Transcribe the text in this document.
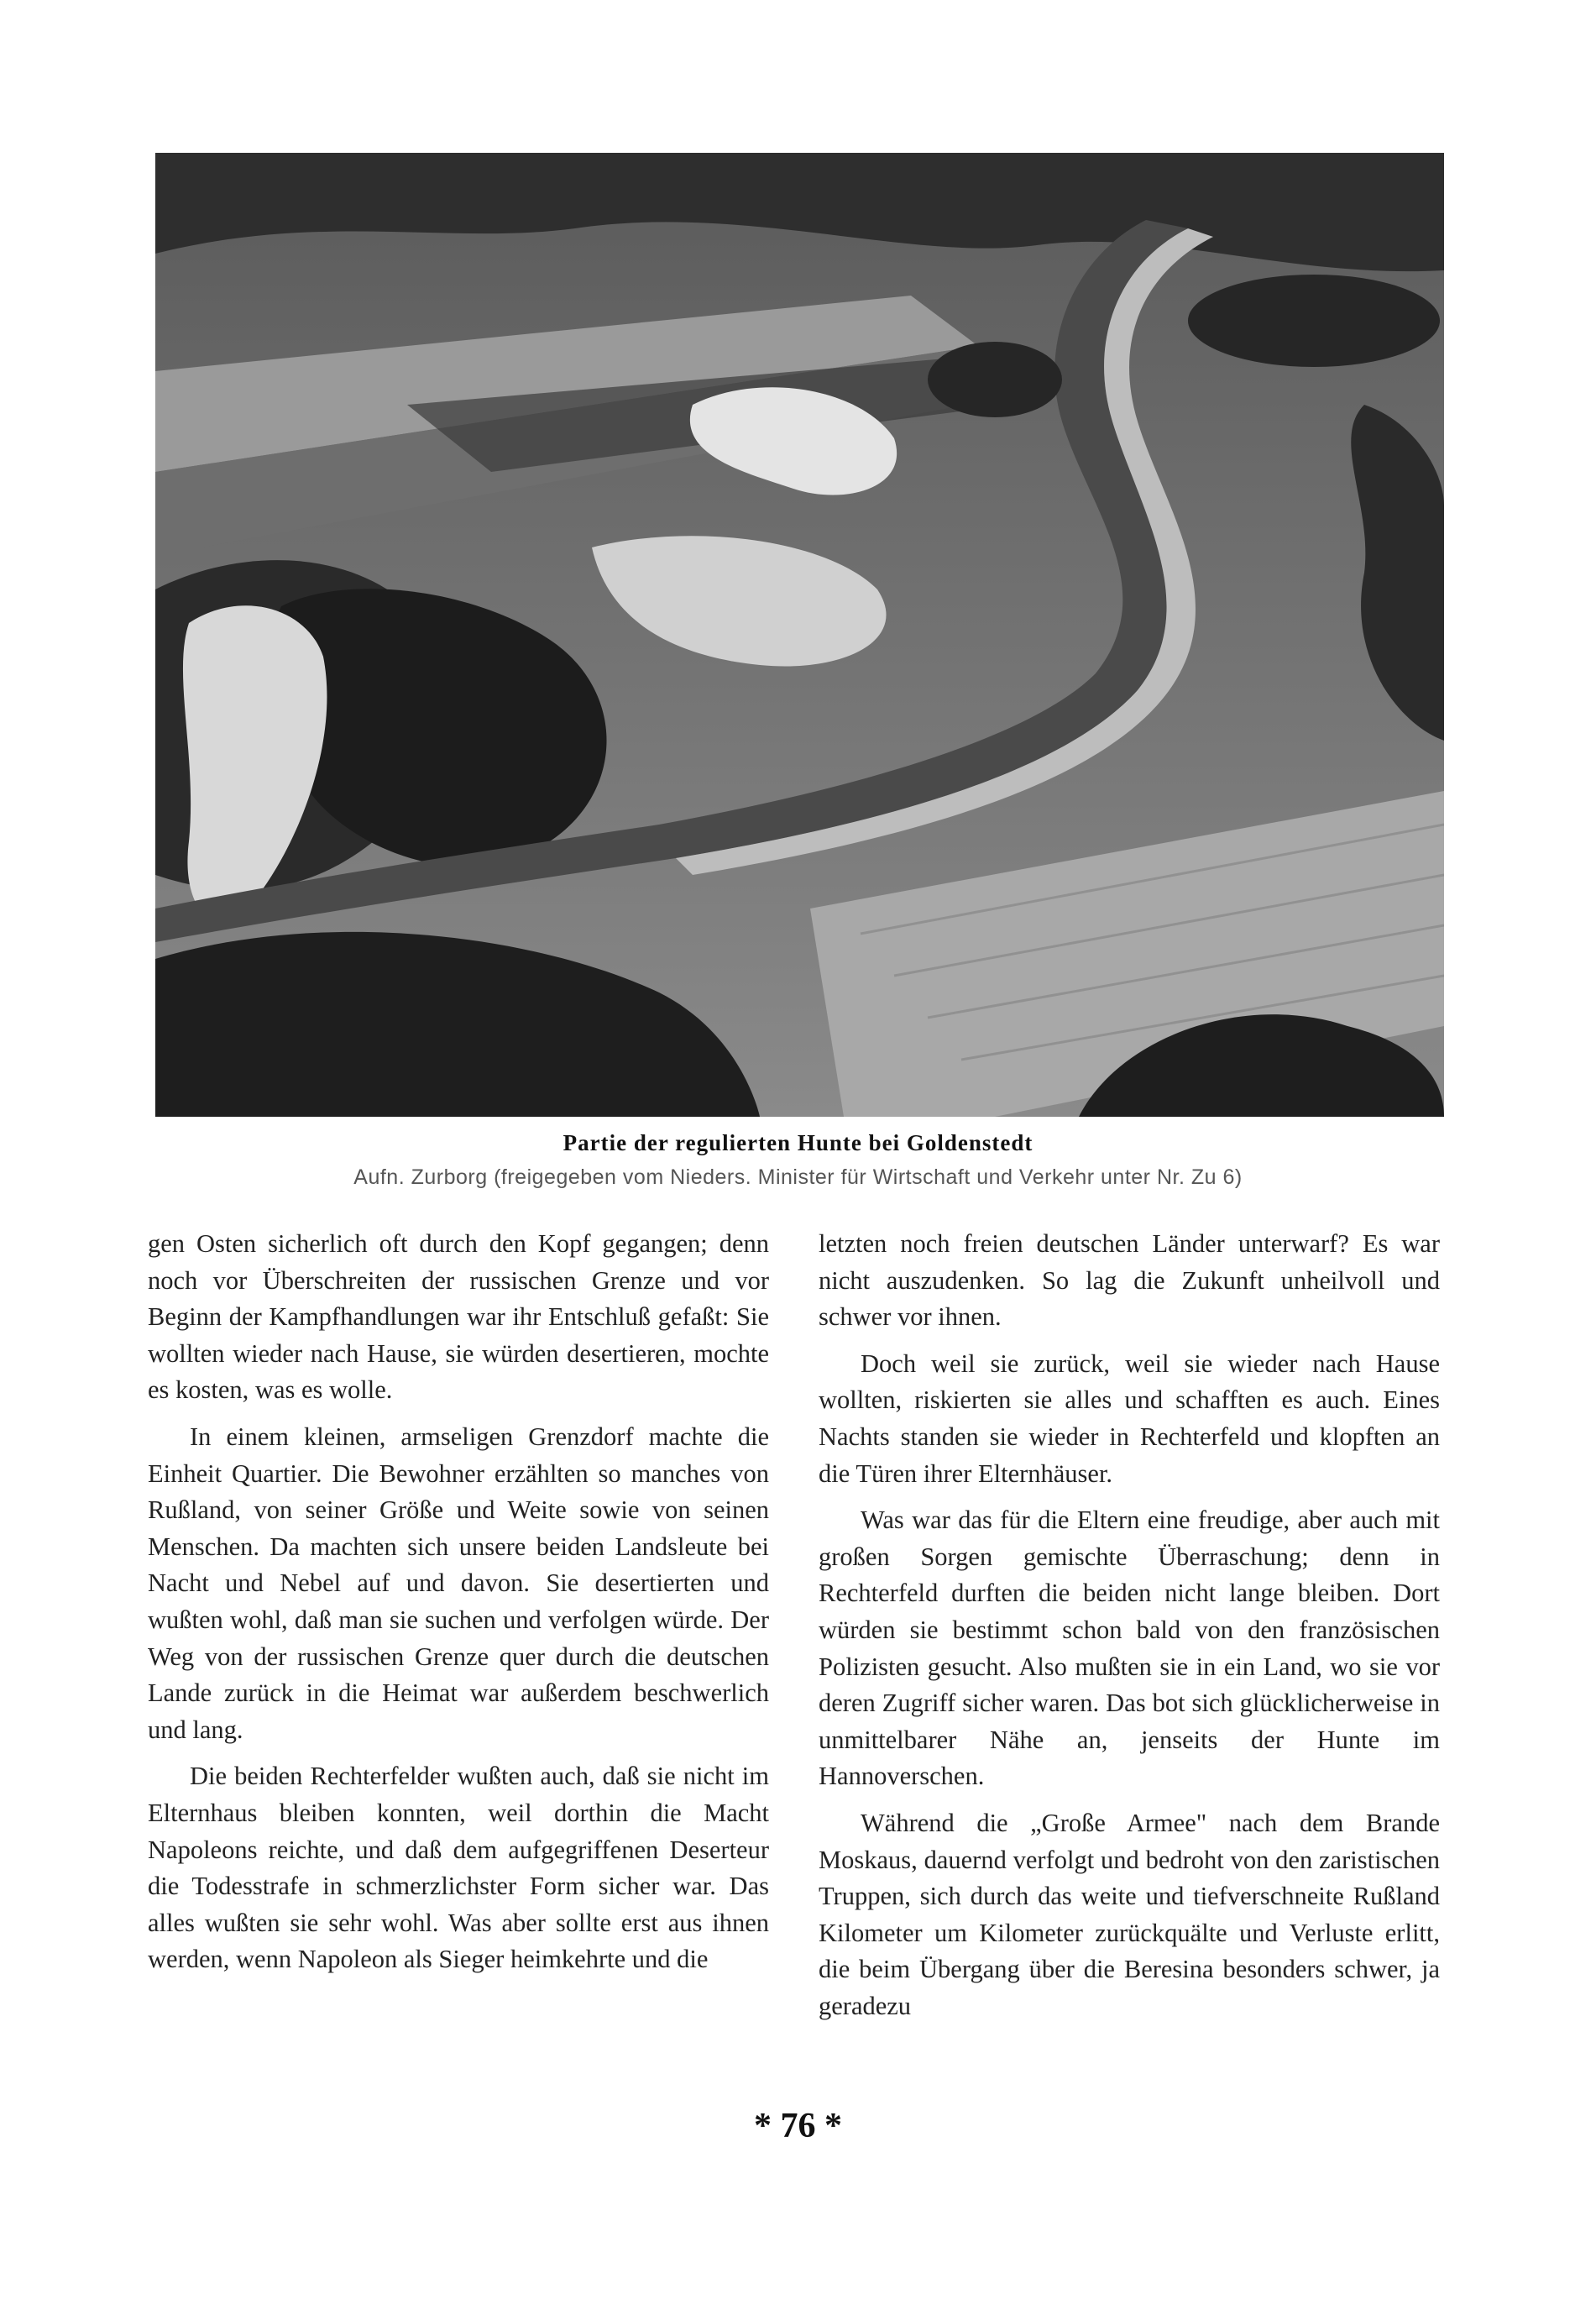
Partie der regulierten Hunte bei Goldenstedt
Aufn. Zurborg (freigegeben vom Nieders. Minister für Wirtschaft und Verkehr unter Nr. Zu 6)

gen Osten sicherlich oft durch den Kopf gegangen; denn noch vor Überschreiten der russischen Grenze und vor Beginn der Kampfhandlungen war ihr Entschluß gefaßt: Sie wollten wieder nach Hause, sie würden desertieren, mochte es kosten, was es wolle.

In einem kleinen, armseligen Grenzdorf machte die Einheit Quartier. Die Bewohner erzählten so manches von Rußland, von seiner Größe und Weite sowie von seinen Menschen. Da machten sich unsere beiden Landsleute bei Nacht und Nebel auf und davon. Sie desertierten und wußten wohl, daß man sie suchen und verfolgen würde. Der Weg von der russischen Grenze quer durch die deutschen Lande zurück in die Heimat war außerdem beschwerlich und lang.

Die beiden Rechterfelder wußten auch, daß sie nicht im Elternhaus bleiben konnten, weil dorthin die Macht Napoleons reichte, und daß dem aufgegriffenen Deserteur die Todesstrafe in schmerzlichster Form sicher war. Das alles wußten sie sehr wohl. Was aber sollte erst aus ihnen werden, wenn Napoleon als Sieger heimkehrte und die

letzten noch freien deutschen Länder unterwarf? Es war nicht auszudenken. So lag die Zukunft unheilvoll und schwer vor ihnen.

Doch weil sie zurück, weil sie wieder nach Hause wollten, riskierten sie alles und schafften es auch. Eines Nachts standen sie wieder in Rechterfeld und klopften an die Türen ihrer Elternhäuser.

Was war das für die Eltern eine freudige, aber auch mit großen Sorgen gemischte Überraschung; denn in Rechterfeld durften die beiden nicht lange bleiben. Dort würden sie bestimmt schon bald von den französischen Polizisten gesucht. Also mußten sie in ein Land, wo sie vor deren Zugriff sicher waren. Das bot sich glücklicherweise in unmittelbarer Nähe an, jenseits der Hunte im Hannoverschen.

Während die „Große Armee" nach dem Brande Moskaus, dauernd verfolgt und bedroht von den zaristischen Truppen, sich durch das weite und tiefverschneite Rußland Kilometer um Kilometer zurückquälte und Verluste erlitt, die beim Übergang über die Beresina besonders schwer, ja geradezu

* 76 *
